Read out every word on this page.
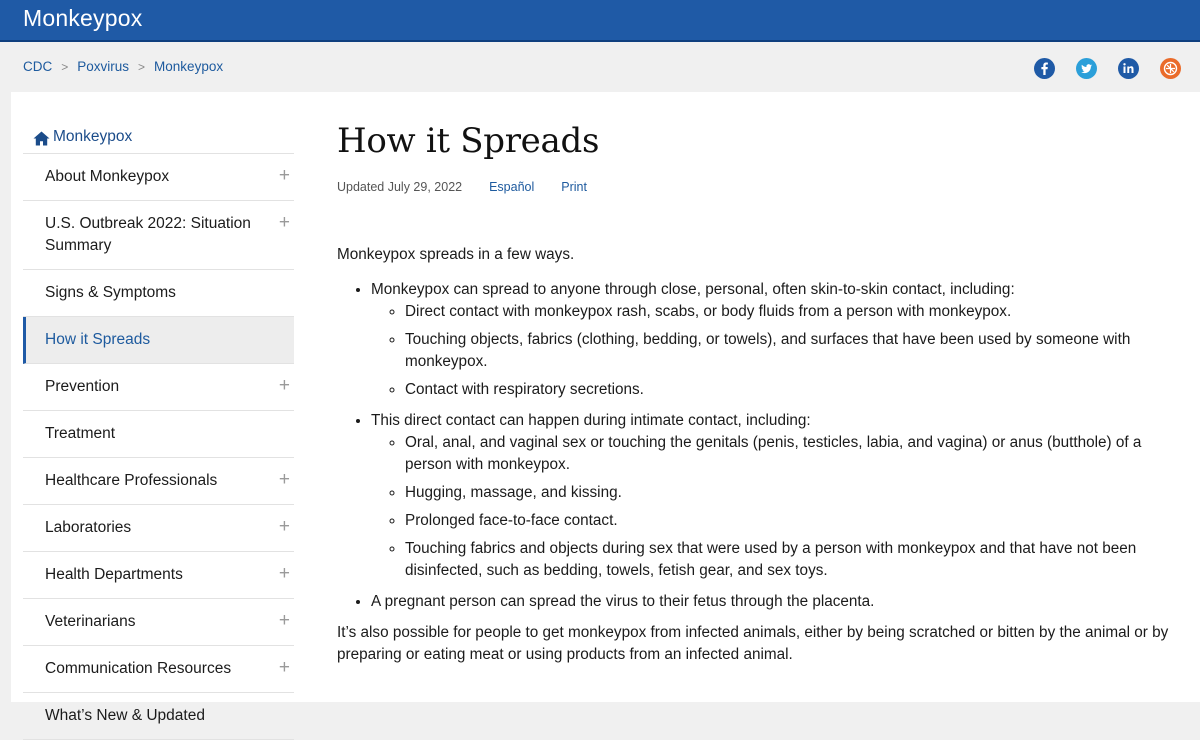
Monkeypox
CDC > Poxvirus > Monkeypox
Monkeypox
About Monkeypox	+
U.S. Outbreak 2022: Situation Summary
+
Signs & Symptoms
How it Spreads
Prevention	+
Treatment
Healthcare Professionals	+
Laboratories	+
Health Departments	+
Veterinarians	+
Communication Resources	+
What’s New & Updated
How it Spreads
Updated July 29, 2022 Español Print

Monkeypox spreads in a few ways.

• Monkeypox can spread to anyone through close, personal, often skin-to-skin contact, including:
◦ Direct contact with monkeypox rash, scabs, or body fluids from a person with monkeypox.
◦ Touching objects, fabrics (clothing, bedding, or towels), and surfaces that have been used by someone with monkeypox.
◦ Contact with respiratory secretions.
• This direct contact can happen during intimate contact, including:
◦ Oral, anal, and vaginal sex or touching the genitals (penis, testicles, labia, and vagina) or anus (butthole) of a person with monkeypox.
◦ Hugging, massage, and kissing.
◦ Prolonged face-to-face contact.
◦ Touching fabrics and objects during sex that were used by a person with monkeypox and that have not been disinfected, such as bedding, towels, fetish gear, and sex toys.
• A pregnant person can spread the virus to their fetus through the placenta.

It’s also possible for people to get monkeypox from infected animals, either by being scratched or bitten by the animal or by preparing or eating meat or using products from an infected animal.
